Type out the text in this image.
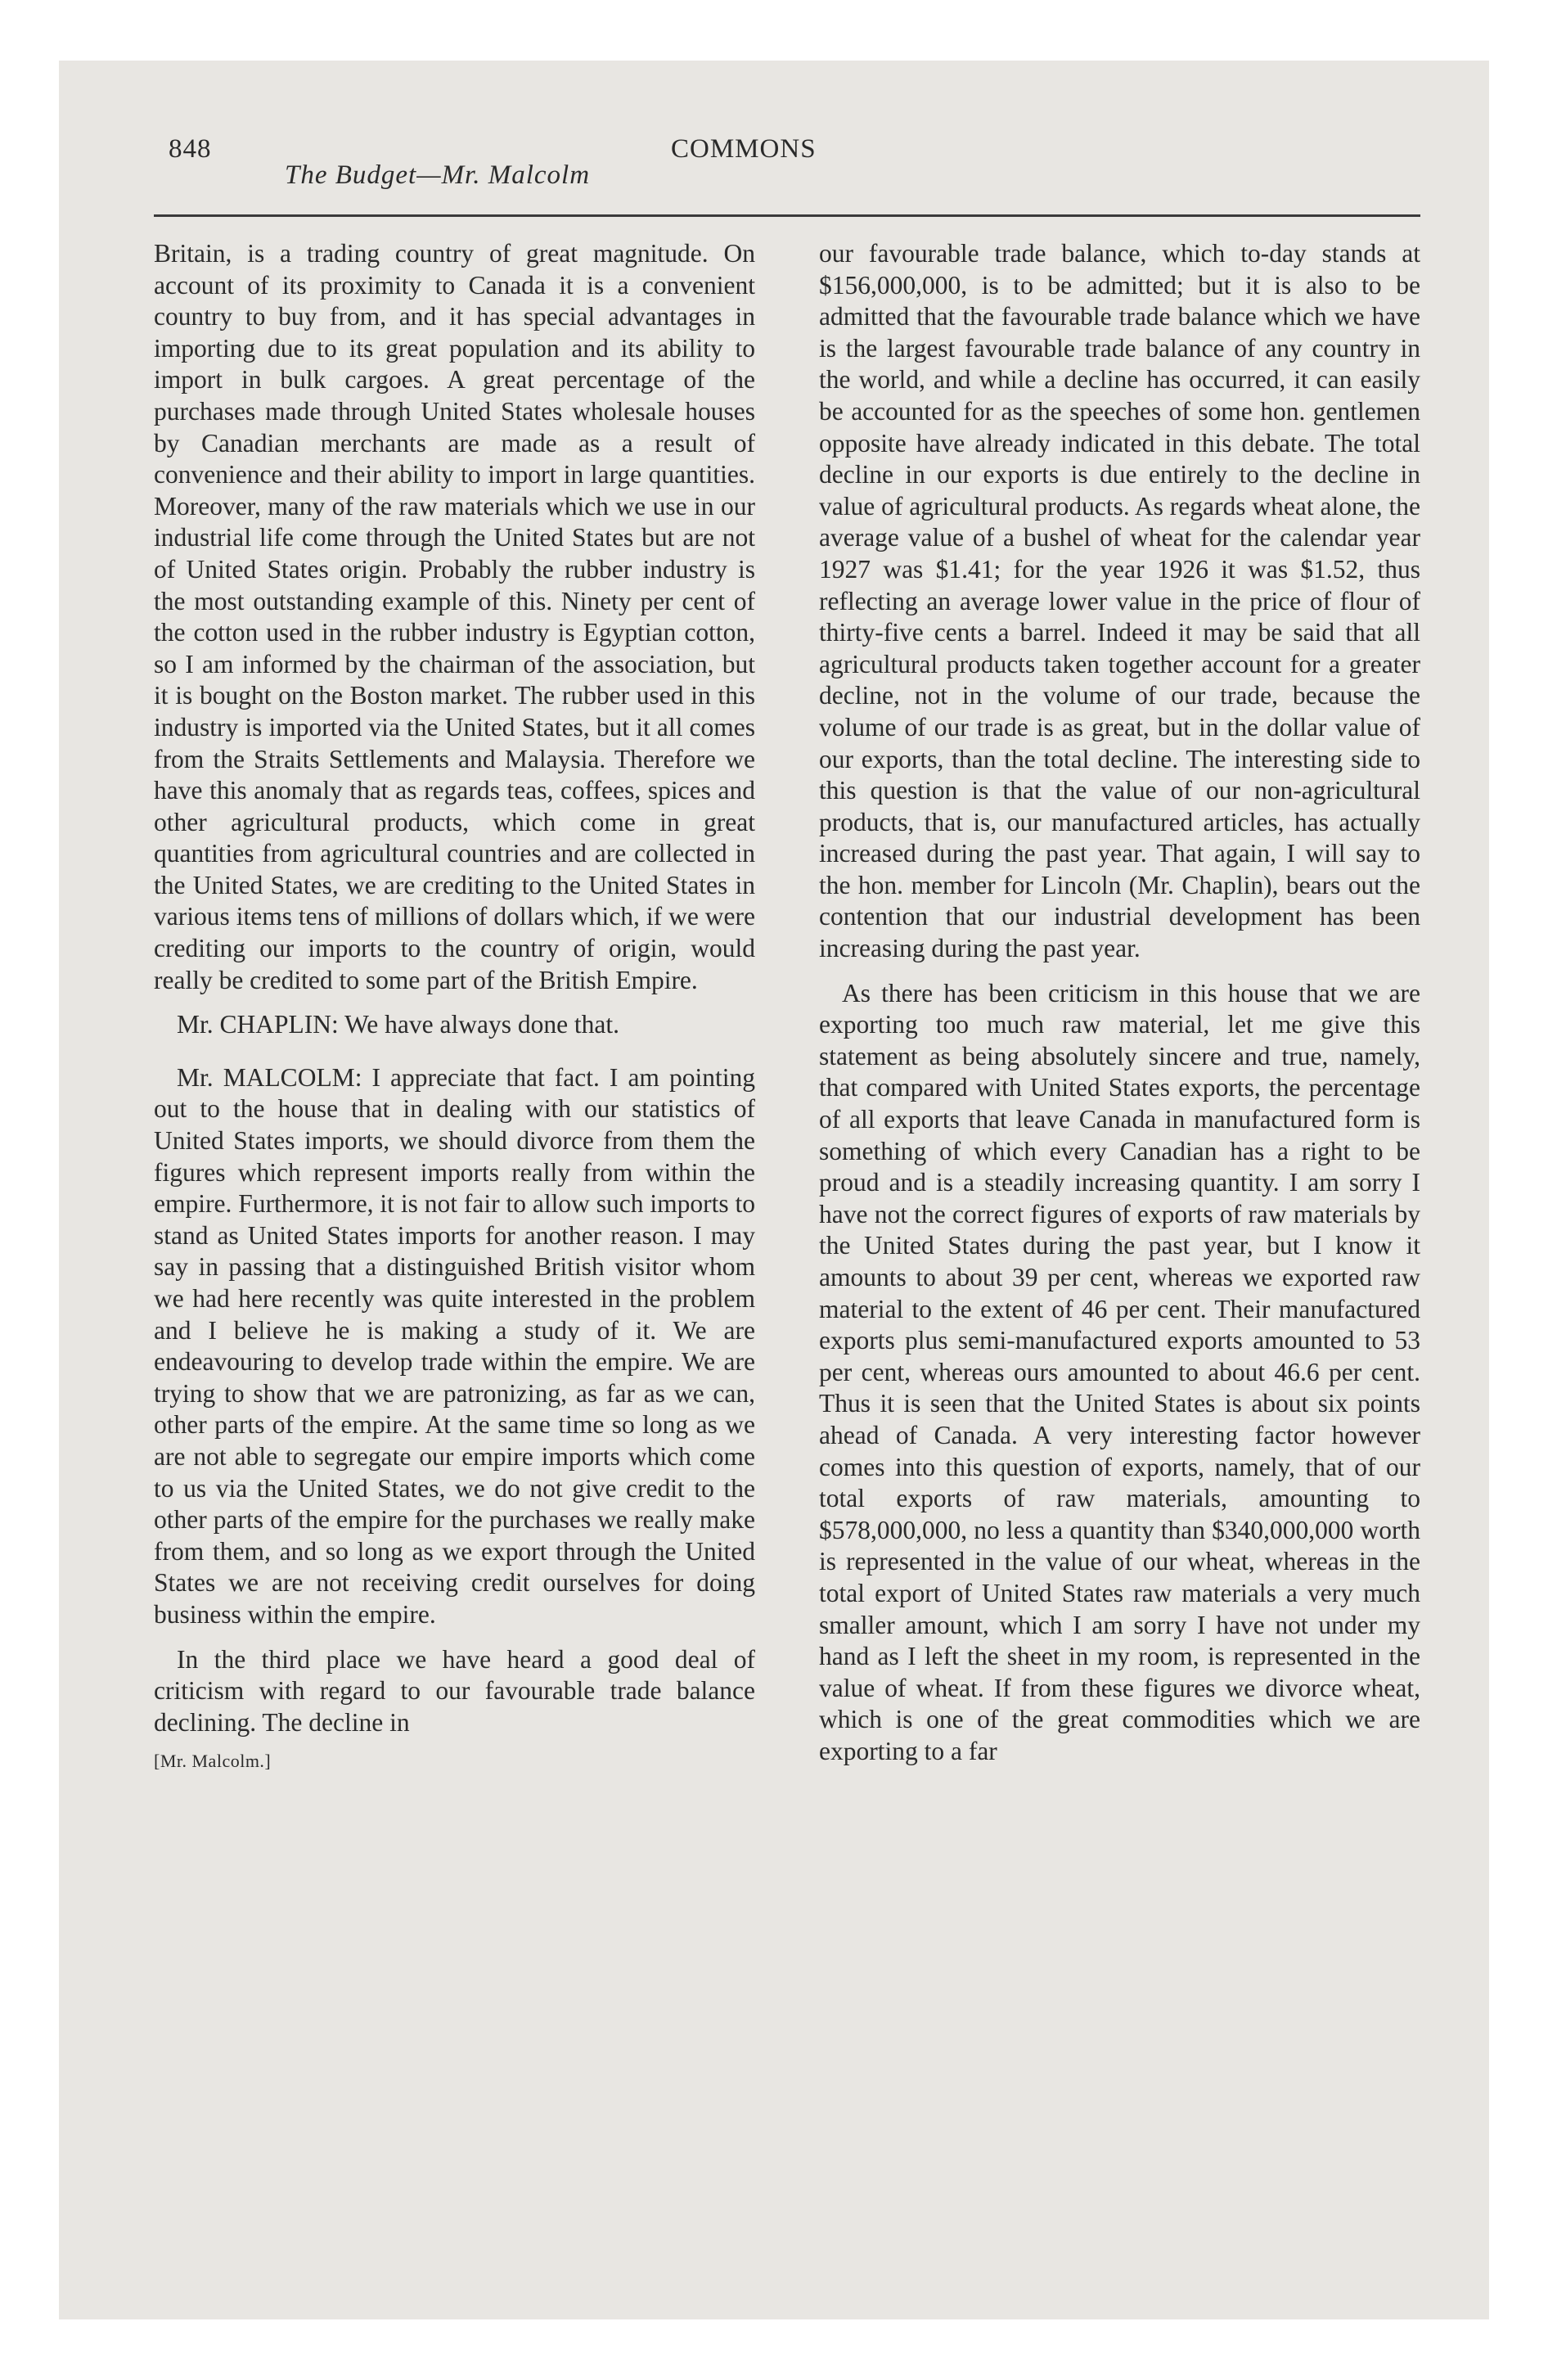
848
The Budget—Mr. Malcolm
COMMONS

Britain, is a trading country of great magnitude. On account of its proximity to Canada it is a convenient country to buy from, and it has special advantages in importing due to its great population and its ability to import in bulk cargoes. A great percentage of the purchases made through United States wholesale houses by Canadian merchants are made as a result of convenience and their ability to import in large quantities. Moreover, many of the raw materials which we use in our industrial life come through the United States but are not of United States origin. Probably the rubber industry is the most outstanding example of this. Ninety per cent of the cotton used in the rubber industry is Egyptian cotton, so I am informed by the chairman of the association, but it is bought on the Boston market. The rubber used in this industry is imported via the United States, but it all comes from the Straits Settlements and Malaysia. Therefore we have this anomaly that as regards teas, coffees, spices and other agricultural products, which come in great quantities from agricultural countries and are collected in the United States, we are crediting to the United States in various items tens of millions of dollars which, if we were crediting our imports to the country of origin, would really be credited to some part of the British Empire.

Mr. CHAPLIN: We have always done that.

Mr. MALCOLM: I appreciate that fact. I am pointing out to the house that in dealing with our statistics of United States imports, we should divorce from them the figures which represent imports really from within the empire. Furthermore, it is not fair to allow such imports to stand as United States imports for another reason. I may say in passing that a distinguished British visitor whom we had here recently was quite interested in the problem and I believe he is making a study of it. We are endeavouring to develop trade within the empire. We are trying to show that we are patronizing, as far as we can, other parts of the empire. At the same time so long as we are not able to segregate our empire imports which come to us via the United States, we do not give credit to the other parts of the empire for the purchases we really make from them, and so long as we export through the United States we are not receiving credit ourselves for doing business within the empire.

In the third place we have heard a good deal of criticism with regard to our favourable trade balance declining. The decline in

[Mr. Malcolm.]

our favourable trade balance, which to-day stands at $156,000,000, is to be admitted; but it is also to be admitted that the favourable trade balance which we have is the largest favourable trade balance of any country in the world, and while a decline has occurred, it can easily be accounted for as the speeches of some hon. gentlemen opposite have already indicated in this debate. The total decline in our exports is due entirely to the decline in value of agricultural products. As regards wheat alone, the average value of a bushel of wheat for the calendar year 1927 was $1.41; for the year 1926 it was $1.52, thus reflecting an average lower value in the price of flour of thirty-five cents a barrel. Indeed it may be said that all agricultural products taken together account for a greater decline, not in the volume of our trade, because the volume of our trade is as great, but in the dollar value of our exports, than the total decline. The interesting side to this question is that the value of our non-agricultural products, that is, our manufactured articles, has actually increased during the past year. That again, I will say to the hon. member for Lincoln (Mr. Chaplin), bears out the contention that our industrial development has been increasing during the past year.

As there has been criticism in this house that we are exporting too much raw material, let me give this statement as being absolutely sincere and true, namely, that compared with United States exports, the percentage of all exports that leave Canada in manufactured form is something of which every Canadian has a right to be proud and is a steadily increasing quantity. I am sorry I have not the correct figures of exports of raw materials by the United States during the past year, but I know it amounts to about 39 per cent, whereas we exported raw material to the extent of 46 per cent. Their manufactured exports plus semi-manufactured exports amounted to 53 per cent, whereas ours amounted to about 46.6 per cent. Thus it is seen that the United States is about six points ahead of Canada. A very interesting factor however comes into this question of exports, namely, that of our total exports of raw materials, amounting to $578,000,000, no less a quantity than $340,000,000 worth is represented in the value of our wheat, whereas in the total export of United States raw materials a very much smaller amount, which I am sorry I have not under my hand as I left the sheet in my room, is represented in the value of wheat. If from these figures we divorce wheat, which is one of the great commodities which we are exporting to a far
